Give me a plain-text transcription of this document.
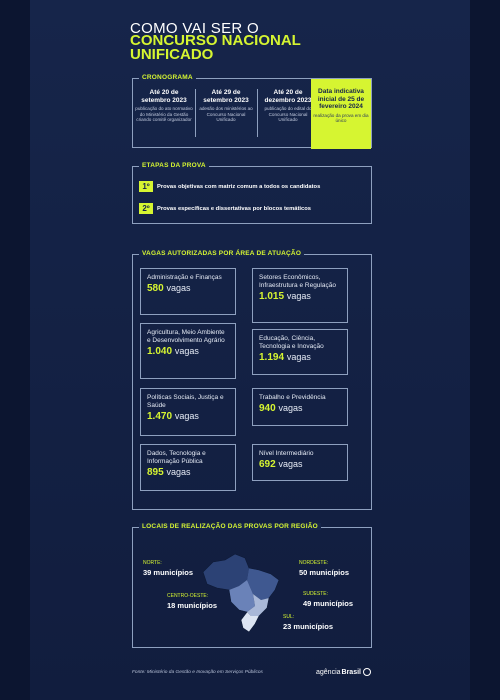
COMO VAI SER O
CONCURSO NACIONAL UNIFICADO
CRONOGRAMA
Até 20 de setembro 2023
publicação do ato normativo do Ministério da Gestão criando comitê organizador
Até 29 de setembro 2023
adesão dos ministérios ao Concurso Nacional Unificado
Até 20 de dezembro 2023
publicação do edital do Concurso Nacional Unificado
Data indicativa inicial de 25 de fevereiro 2024
realização da prova em dia único
ETAPAS DA PROVA
1º	Provas objetivas com matriz comum a todos os candidatos
2º	Provas específicas e dissertativas por blocos temáticos
VAGAS AUTORIZADAS POR ÁREA DE ATUAÇÃO
Administração e Finanças
580 vagas
Setores Econômicos, Infraestrutura e Regulação
1.015 vagas
Agricultura, Meio Ambiente e Desenvolvimento Agrário
1.040 vagas
Educação, Ciência, Tecnologia e Inovação
1.194 vagas
Políticas Sociais, Justiça e Saúde
1.470 vagas
Trabalho e Previdência
940 vagas
Dados, Tecnologia e Informação Pública
895 vagas
Nível Intermediário
692 vagas
LOCAIS DE REALIZAÇÃO DAS PROVAS POR REGIÃO
NORTE:
39 municípios
NORDESTE:
50 municípios
CENTRO-OESTE:
18 municípios
SUDESTE:
49 municípios
SUL:
23 municípios
Fonte: Ministério da Gestão e Inovação em Serviços Públicos	agência Brasil
